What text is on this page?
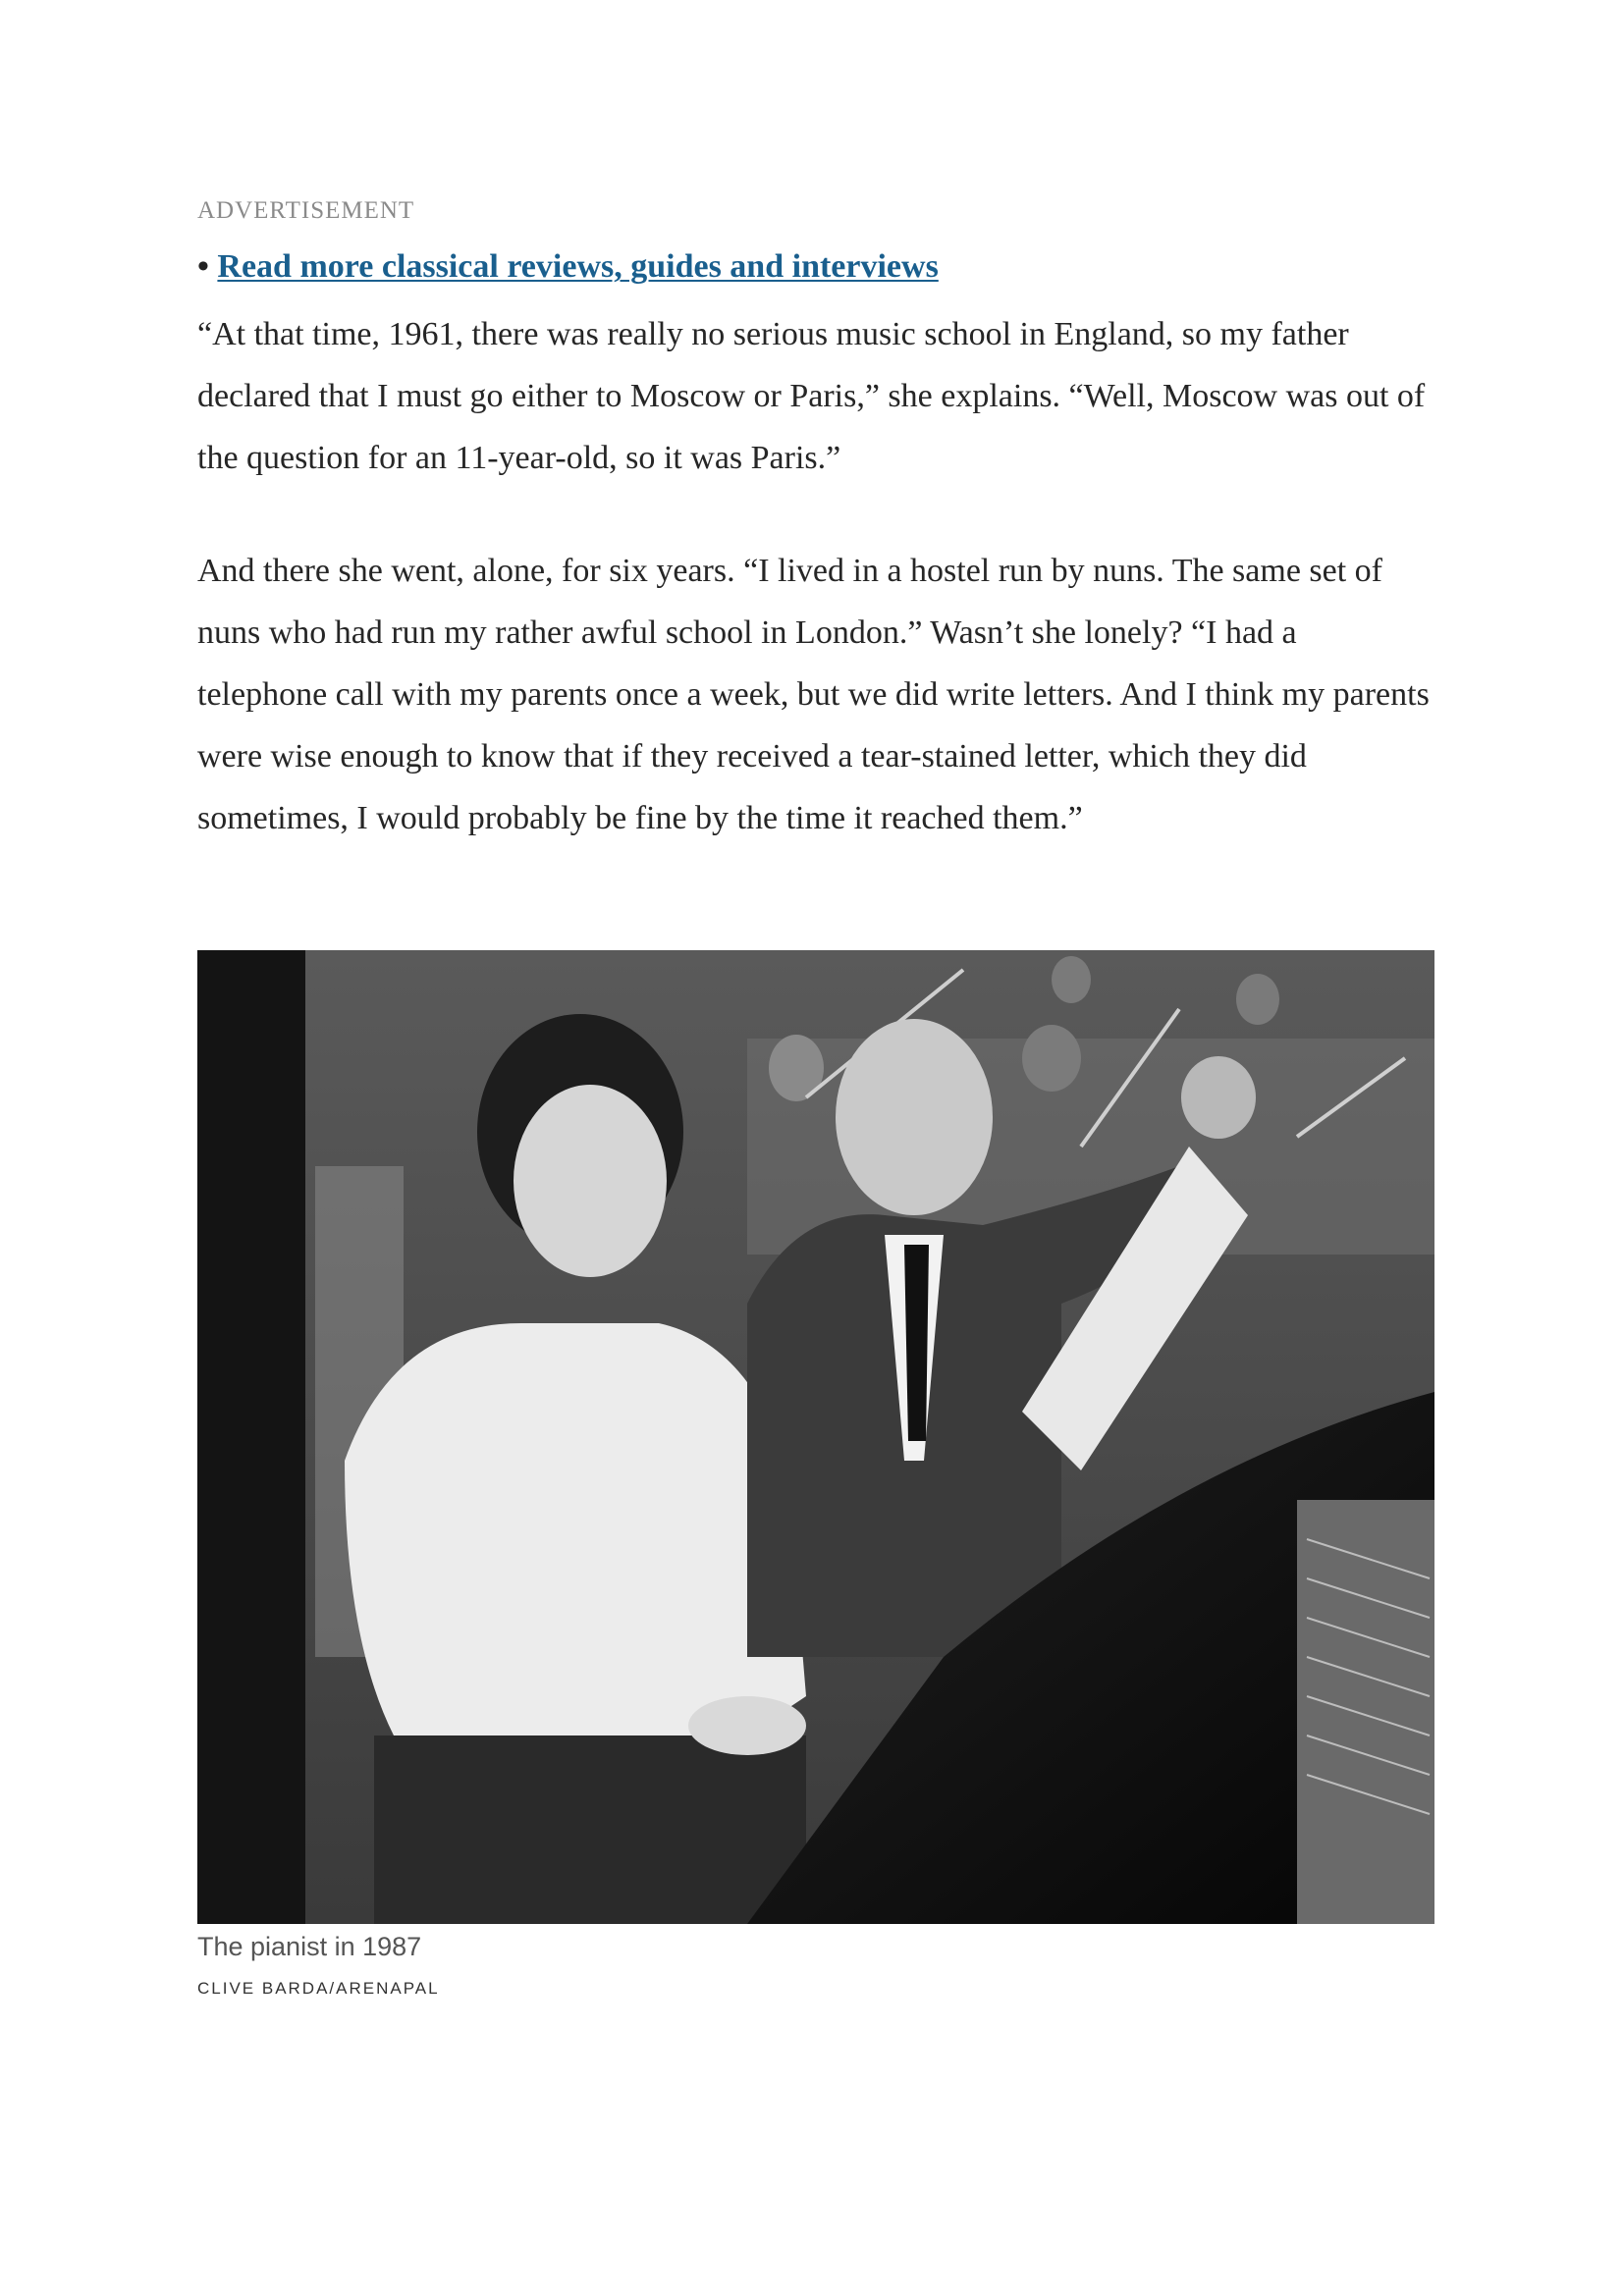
ADVERTISEMENT
• Read more classical reviews, guides and interviews

“At that time, 1961, there was really no serious music school in England, so my father declared that I must go either to Moscow or Paris,” she explains. “Well, Moscow was out of the question for an 11-year-old, so it was Paris.”

And there she went, alone, for six years. “I lived in a hostel run by nuns. The same set of nuns who had run my rather awful school in London.” Wasn’t she lonely? “I had a telephone call with my parents once a week, but we did write letters. And I think my parents were wise enough to know that if they received a tear-stained letter, which they did sometimes, I would probably be fine by the time it reached them.”

The pianist in 1987
CLIVE BARDA/ARENAPAL
